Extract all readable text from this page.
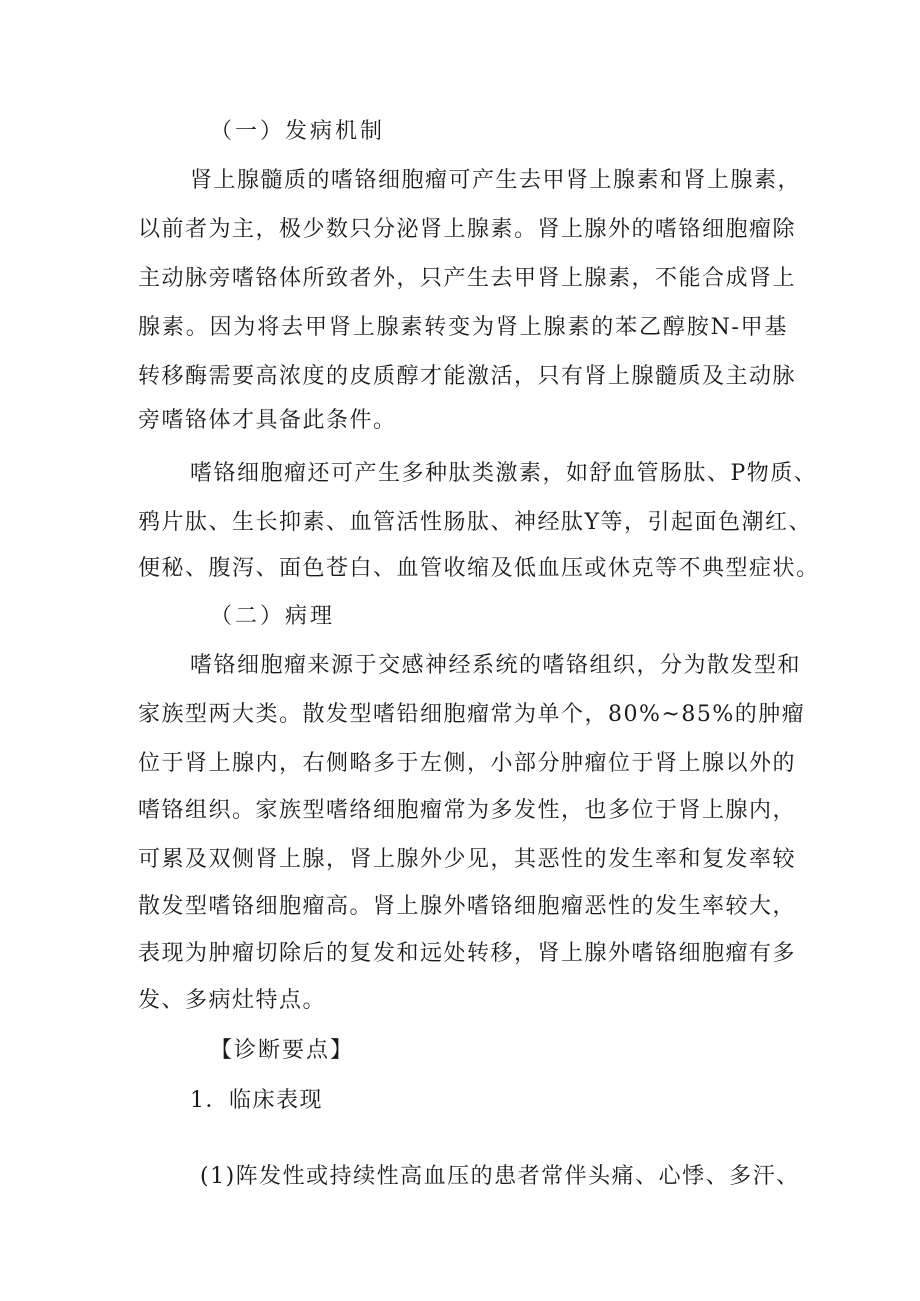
（一）发病机制
肾上腺髓质的嗜铬细胞瘤可产生去甲肾上腺素和肾上腺素，
以前者为主，极少数只分泌肾上腺素。肾上腺外的嗜铬细胞瘤除
主动脉旁嗜铬体所致者外，只产生去甲肾上腺素，不能合成肾上
腺素。因为将去甲肾上腺素转变为肾上腺素的苯乙醇胺N-甲基
转移酶需要高浓度的皮质醇才能激活，只有肾上腺髓质及主动脉
旁嗜铬体才具备此条件。
嗜铬细胞瘤还可产生多种肽类激素，如舒血管肠肽、P物质、
鸦片肽、生长抑素、血管活性肠肽、神经肽Y等，引起面色潮红、
便秘、腹泻、面色苍白、血管收缩及低血压或休克等不典型症状。
（二）病理
嗜铬细胞瘤来源于交感神经系统的嗜铬组织，分为散发型和
家族型两大类。散发型嗜铅细胞瘤常为单个，80%~85%的肿瘤
位于肾上腺内，右侧略多于左侧，小部分肿瘤位于肾上腺以外的
嗜铬组织。家族型嗜络细胞瘤常为多发性，也多位于肾上腺内，
可累及双侧肾上腺，肾上腺外少见，其恶性的发生率和复发率较
散发型嗜铬细胞瘤高。肾上腺外嗜铬细胞瘤恶性的发生率较大，
表现为肿瘤切除后的复发和远处转移，肾上腺外嗜铬细胞瘤有多
发、多病灶特点。
【诊断要点】
1．临床表现
(1)阵发性或持续性高血压的患者常伴头痛、心悸、多汗、
